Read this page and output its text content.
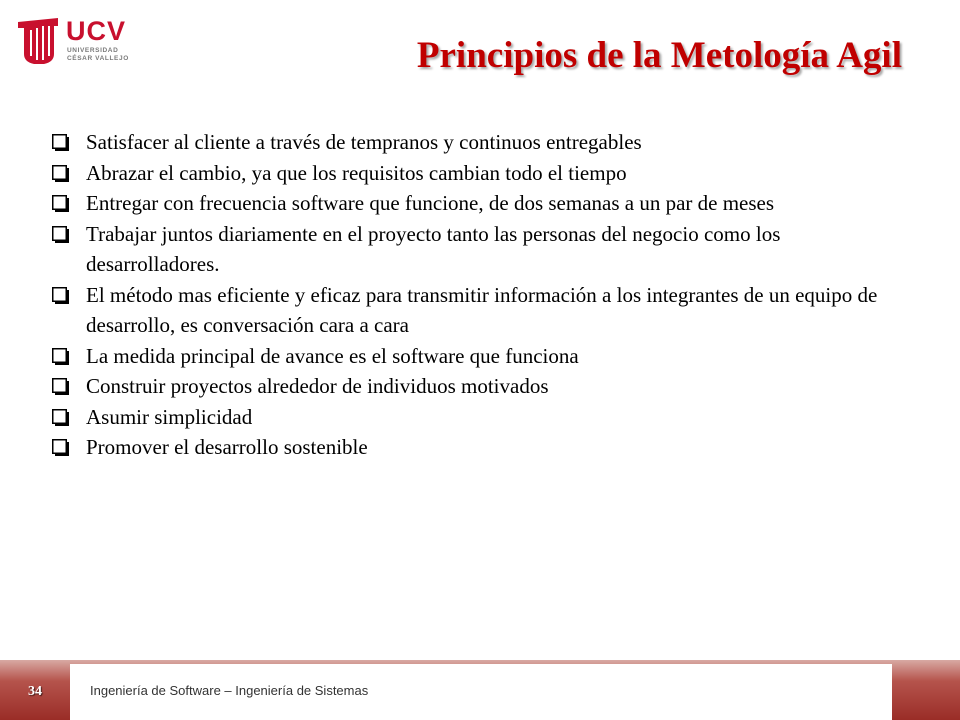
UCV
UNIVERSIDAD
CÉSAR VALLEJO	Principios de la Metología Agil
Satisfacer al cliente a través de tempranos y continuos entregables
Abrazar el cambio, ya que los requisitos cambian todo el tiempo
Entregar con frecuencia software que funcione, de dos semanas a un par de meses
Trabajar juntos diariamente en el proyecto tanto las personas del negocio como los desarrolladores.
El método mas eficiente y eficaz para transmitir información a los integrantes de un equipo de desarrollo, es conversación cara a cara
La medida principal de avance es el software que funciona
Construir proyectos alrededor de individuos motivados
Asumir simplicidad
Promover el desarrollo sostenible
34	Ingeniería de Software – Ingeniería de Sistemas
